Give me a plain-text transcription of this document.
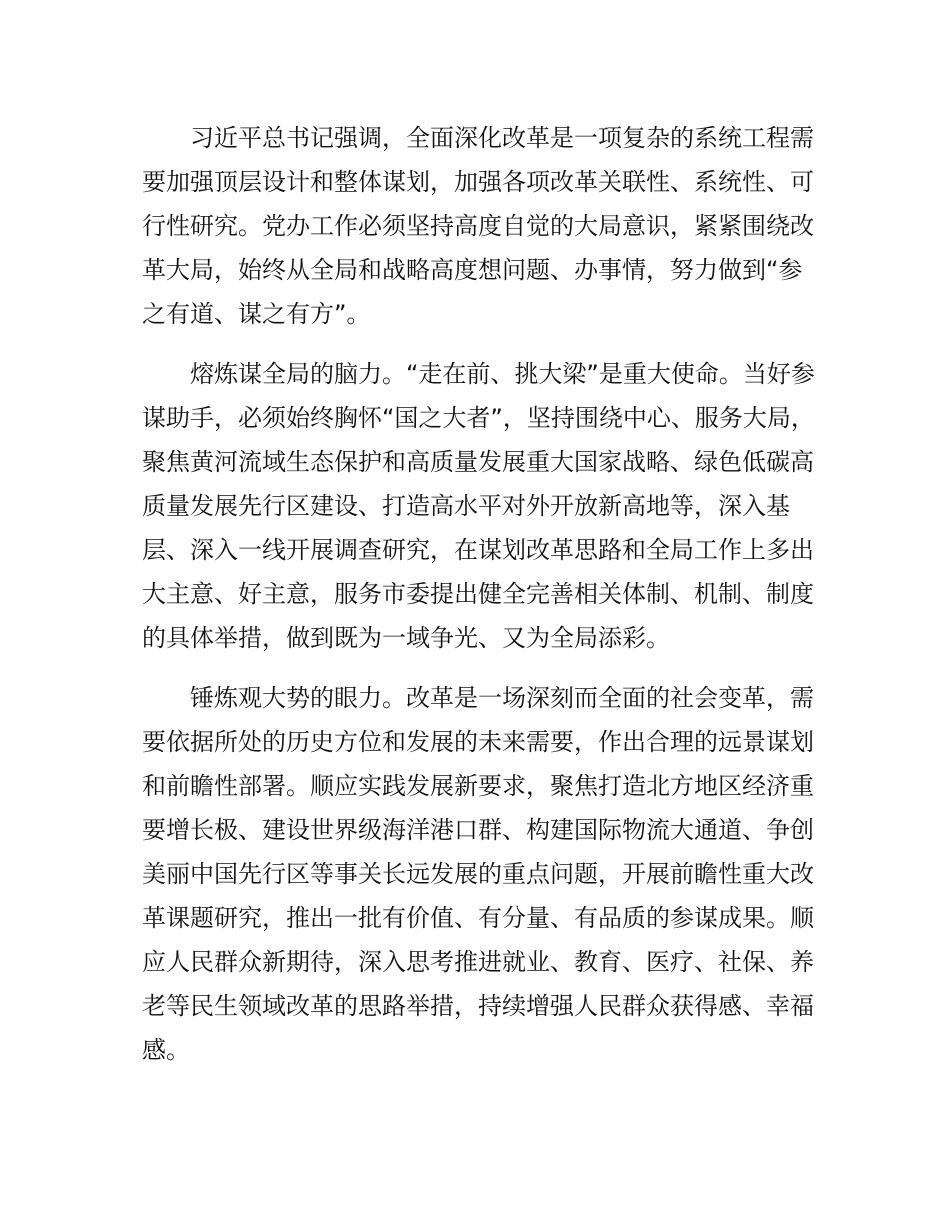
习近平总书记强调，全面深化改革是一项复杂的系统工程需要加强顶层设计和整体谋划，加强各项改革关联性、系统性、可行性研究。党办工作必须坚持高度自觉的大局意识，紧紧围绕改革大局，始终从全局和战略高度想问题、办事情，努力做到“参之有道、谋之有方”。

熔炼谋全局的脑力。“走在前、挑大梁”是重大使命。当好参谋助手，必须始终胸怀“国之大者”，坚持围绕中心、服务大局，聚焦黄河流域生态保护和高质量发展重大国家战略、绿色低碳高质量发展先行区建设、打造高水平对外开放新高地等，深入基层、深入一线开展调查研究，在谋划改革思路和全局工作上多出大主意、好主意，服务市委提出健全完善相关体制、机制、制度的具体举措，做到既为一域争光、又为全局添彩。

锤炼观大势的眼力。改革是一场深刻而全面的社会变革，需要依据所处的历史方位和发展的未来需要，作出合理的远景谋划和前瞻性部署。顺应实践发展新要求，聚焦打造北方地区经济重要增长极、建设世界级海洋港口群、构建国际物流大通道、争创美丽中国先行区等事关长远发展的重点问题，开展前瞻性重大改革课题研究，推出一批有价值、有分量、有品质的参谋成果。顺应人民群众新期待，深入思考推进就业、教育、医疗、社保、养老等民生领域改革的思路举措，持续增强人民群众获得感、幸福感。
